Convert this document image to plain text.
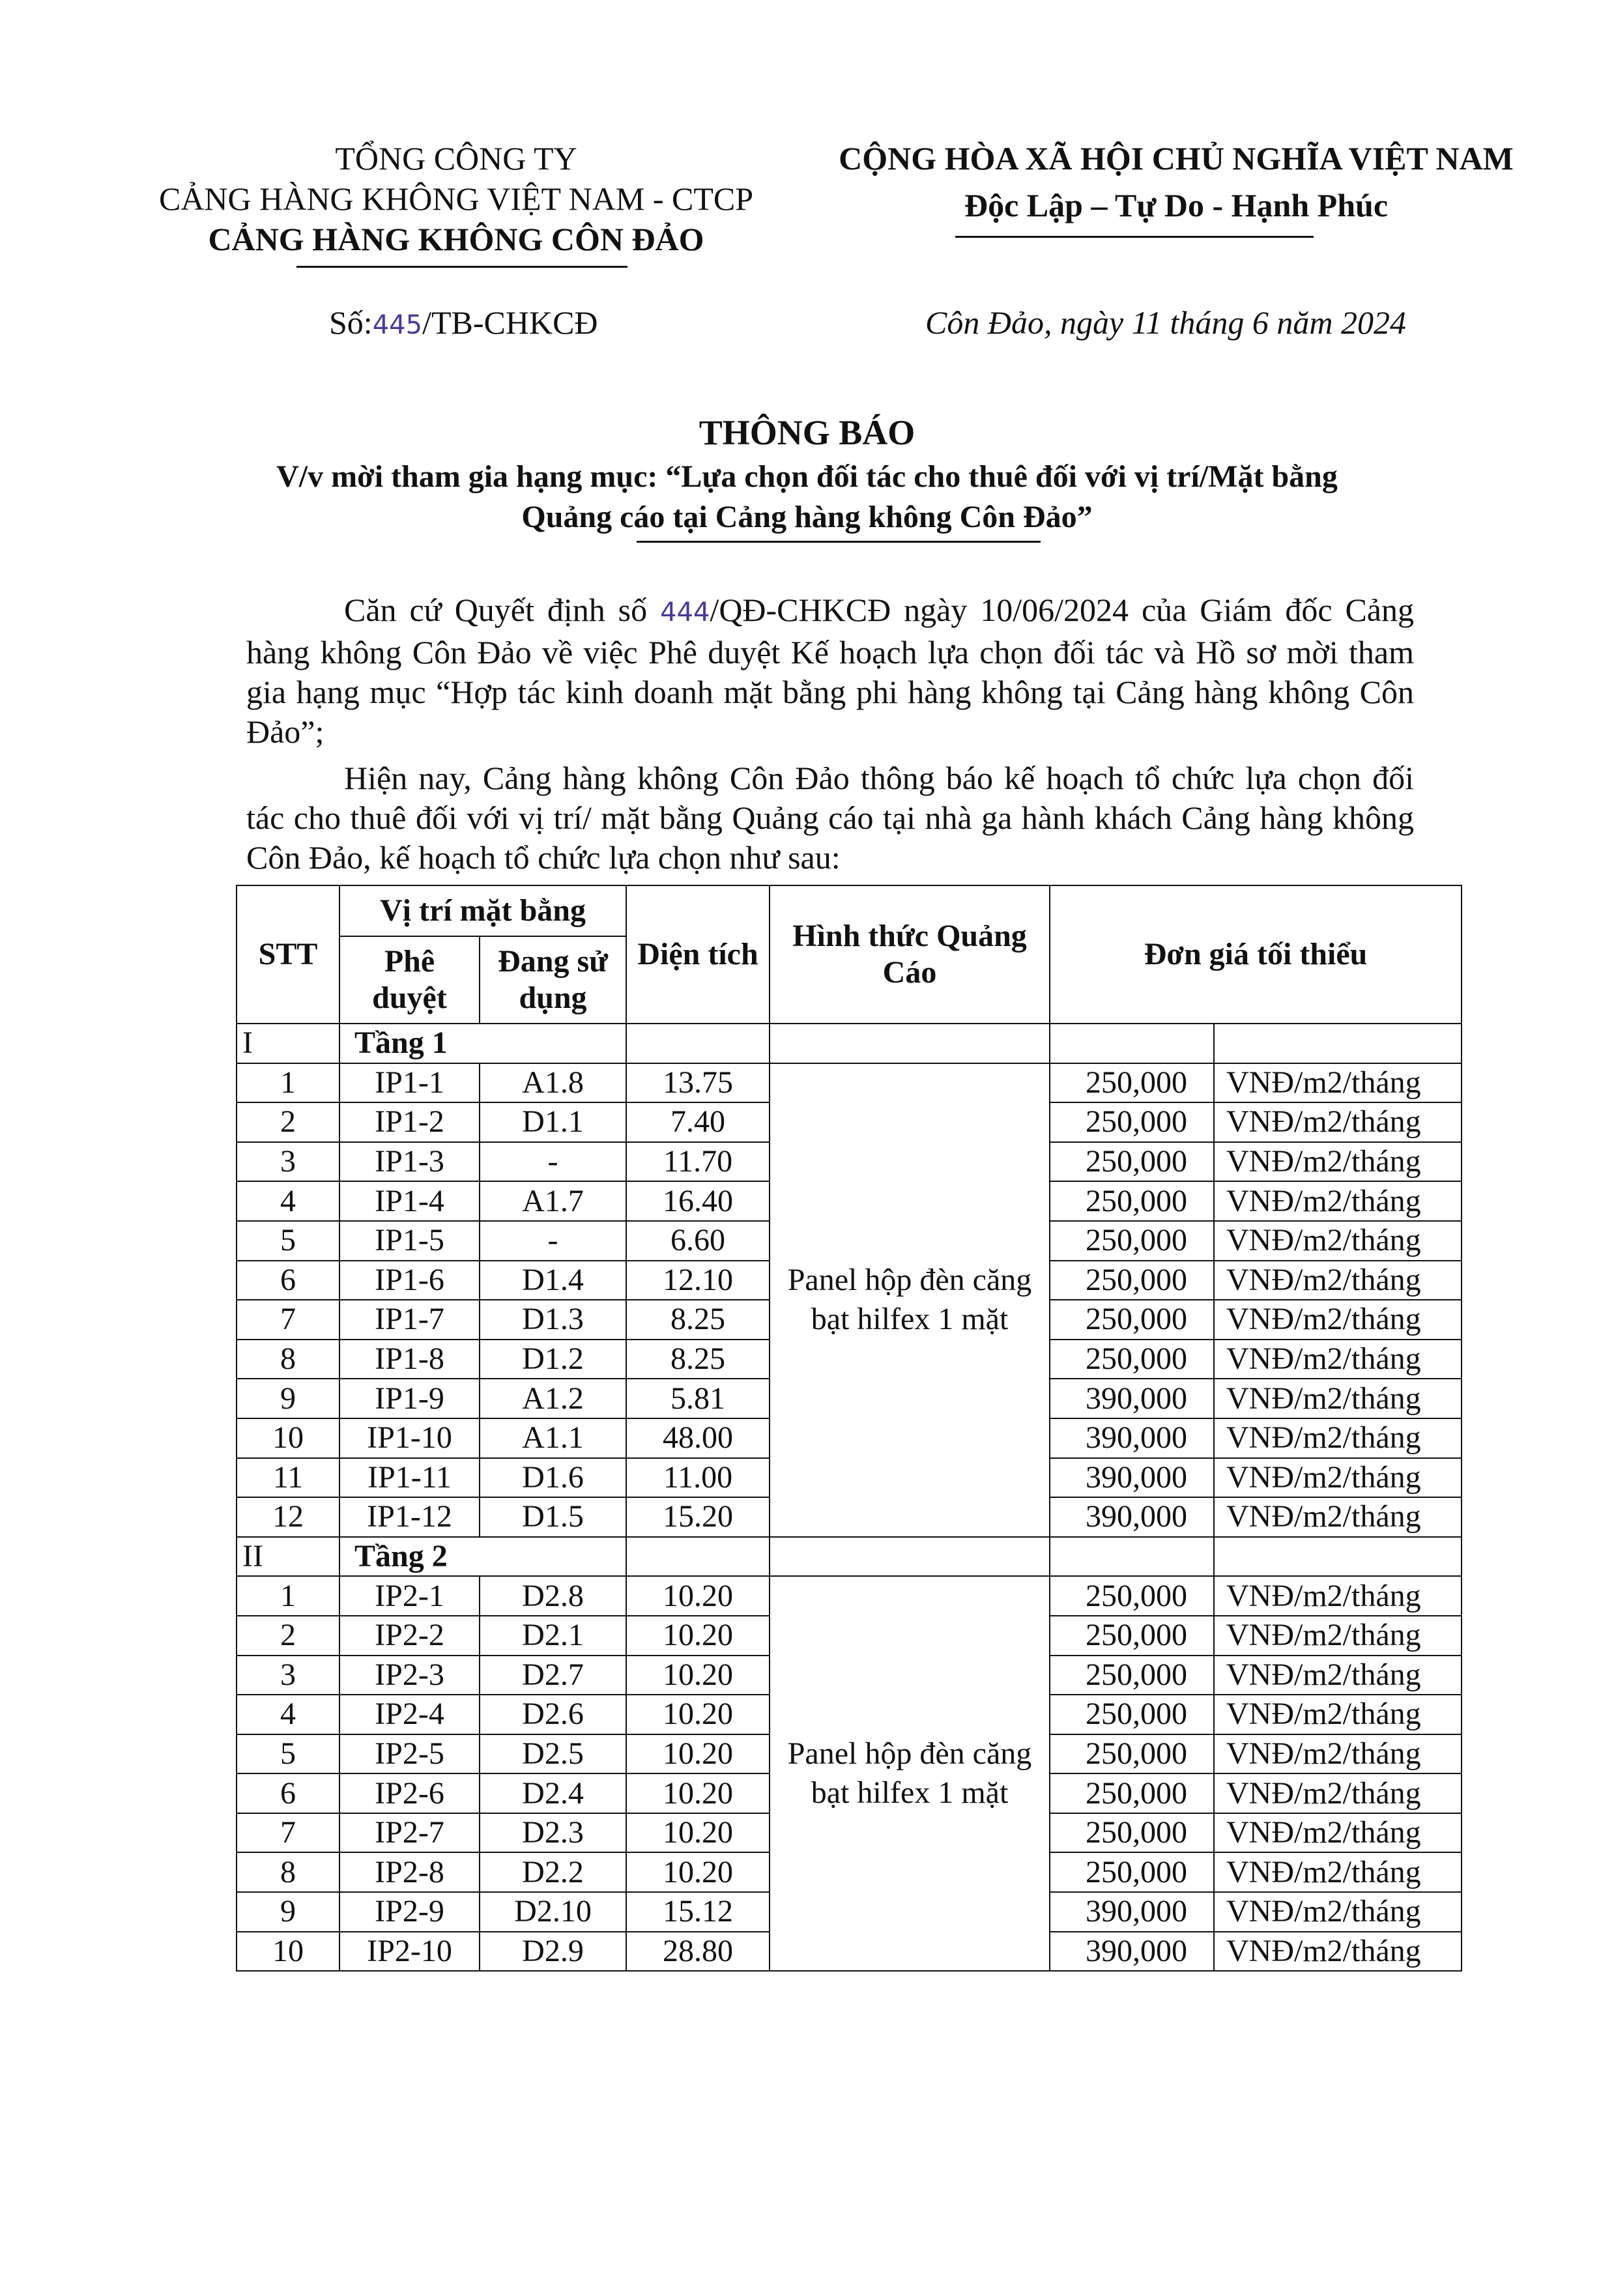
TỔNG CÔNG TY
CẢNG HÀNG KHÔNG VIỆT NAM - CTCP
CẢNG HÀNG KHÔNG CÔN ĐẢO
CỘNG HÒA XÃ HỘI CHỦ NGHĨA VIỆT NAM
Độc Lập – Tự Do - Hạnh Phúc
Số:445/TB-CHKCĐ	Côn Đảo, ngày 11 tháng 6 năm 2024
THÔNG BÁO
V/v mời tham gia hạng mục: “Lựa chọn đối tác cho thuê đối với vị trí/Mặt bằng
Quảng cáo tại Cảng hàng không Côn Đảo”
Căn cứ Quyết định số 444/QĐ-CHKCĐ ngày 10/06/2024 của Giám đốc Cảng hàng không Côn Đảo về việc Phê duyệt Kế hoạch lựa chọn đối tác và Hồ sơ mời tham gia hạng mục “Hợp tác kinh doanh mặt bằng phi hàng không tại Cảng hàng không Côn Đảo”;
Hiện nay, Cảng hàng không Côn Đảo thông báo kế hoạch tổ chức lựa chọn đối tác cho thuê đối với vị trí/ mặt bằng Quảng cáo tại nhà ga hành khách Cảng hàng không Côn Đảo, kế hoạch tổ chức lựa chọn như sau:
STT	Vị trí mặt bằng		Diện tích	Hình thức Quảng Cáo	Đơn giá tối thiểu	
	Phê duyệt	Đang sử dụng				
I	Tầng 1					
1	IP1-1	A1.8	13.75	Panel hộp đèn căng bạt hilfex 1 mặt	250,000	VNĐ/m2/tháng
2	IP1-2	D1.1	7.40		250,000	VNĐ/m2/tháng
3	IP1-3	-	11.70		250,000	VNĐ/m2/tháng
4	IP1-4	A1.7	16.40		250,000	VNĐ/m2/tháng
5	IP1-5	-	6.60		250,000	VNĐ/m2/tháng
6	IP1-6	D1.4	12.10		250,000	VNĐ/m2/tháng
7	IP1-7	D1.3	8.25		250,000	VNĐ/m2/tháng
8	IP1-8	D1.2	8.25		250,000	VNĐ/m2/tháng
9	IP1-9	A1.2	5.81		390,000	VNĐ/m2/tháng
10	IP1-10	A1.1	48.00		390,000	VNĐ/m2/tháng
11	IP1-11	D1.6	11.00		390,000	VNĐ/m2/tháng
12	IP1-12	D1.5	15.20		390,000	VNĐ/m2/tháng
II	Tầng 2					
1	IP2-1	D2.8	10.20	Panel hộp đèn căng bạt hilfex 1 mặt	250,000	VNĐ/m2/tháng
2	IP2-2	D2.1	10.20		250,000	VNĐ/m2/tháng
3	IP2-3	D2.7	10.20		250,000	VNĐ/m2/tháng
4	IP2-4	D2.6	10.20		250,000	VNĐ/m2/tháng
5	IP2-5	D2.5	10.20		250,000	VNĐ/m2/tháng
6	IP2-6	D2.4	10.20		250,000	VNĐ/m2/tháng
7	IP2-7	D2.3	10.20		250,000	VNĐ/m2/tháng
8	IP2-8	D2.2	10.20		250,000	VNĐ/m2/tháng
9	IP2-9	D2.10	15.12		390,000	VNĐ/m2/tháng
10	IP2-10	D2.9	28.80		390,000	VNĐ/m2/tháng
